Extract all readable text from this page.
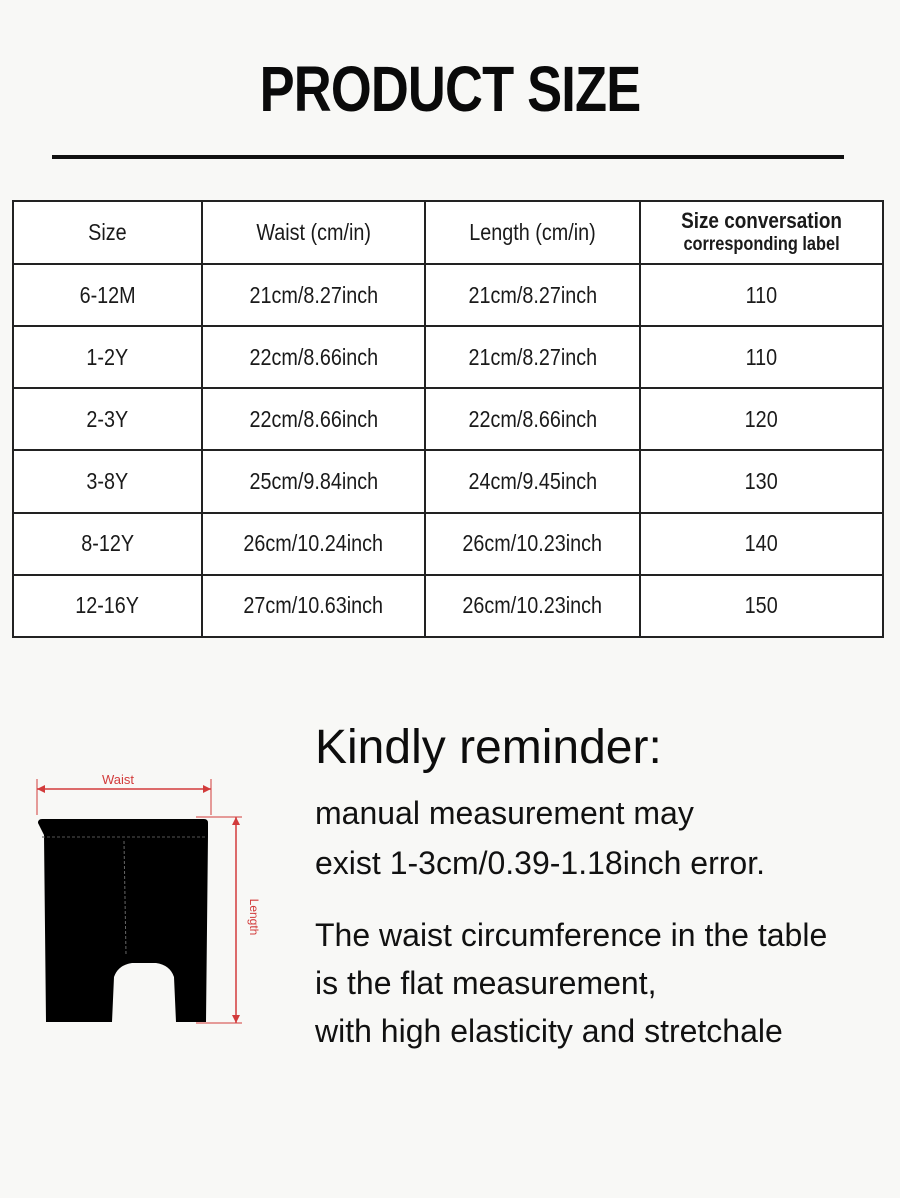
PRODUCT SIZE
Size	Waist (cm/in)	Length (cm/in)	Size conversation
corresponding label

6-12M	21cm/8.27inch	21cm/8.27inch	110
1-2Y	22cm/8.66inch	21cm/8.27inch	110
2-3Y	22cm/8.66inch	22cm/8.66inch	120
3-8Y	25cm/9.84inch	24cm/9.45inch	130
8-12Y	26cm/10.24inch	26cm/10.23inch	140
12-16Y	27cm/10.63inch	26cm/10.23inch	150
Waist
Length
Kindly reminder:
manual measurement may
exist 1-3cm/0.39-1.18inch error.
The waist circumference in the table
is the flat measurement,
with high elasticity and stretchale
